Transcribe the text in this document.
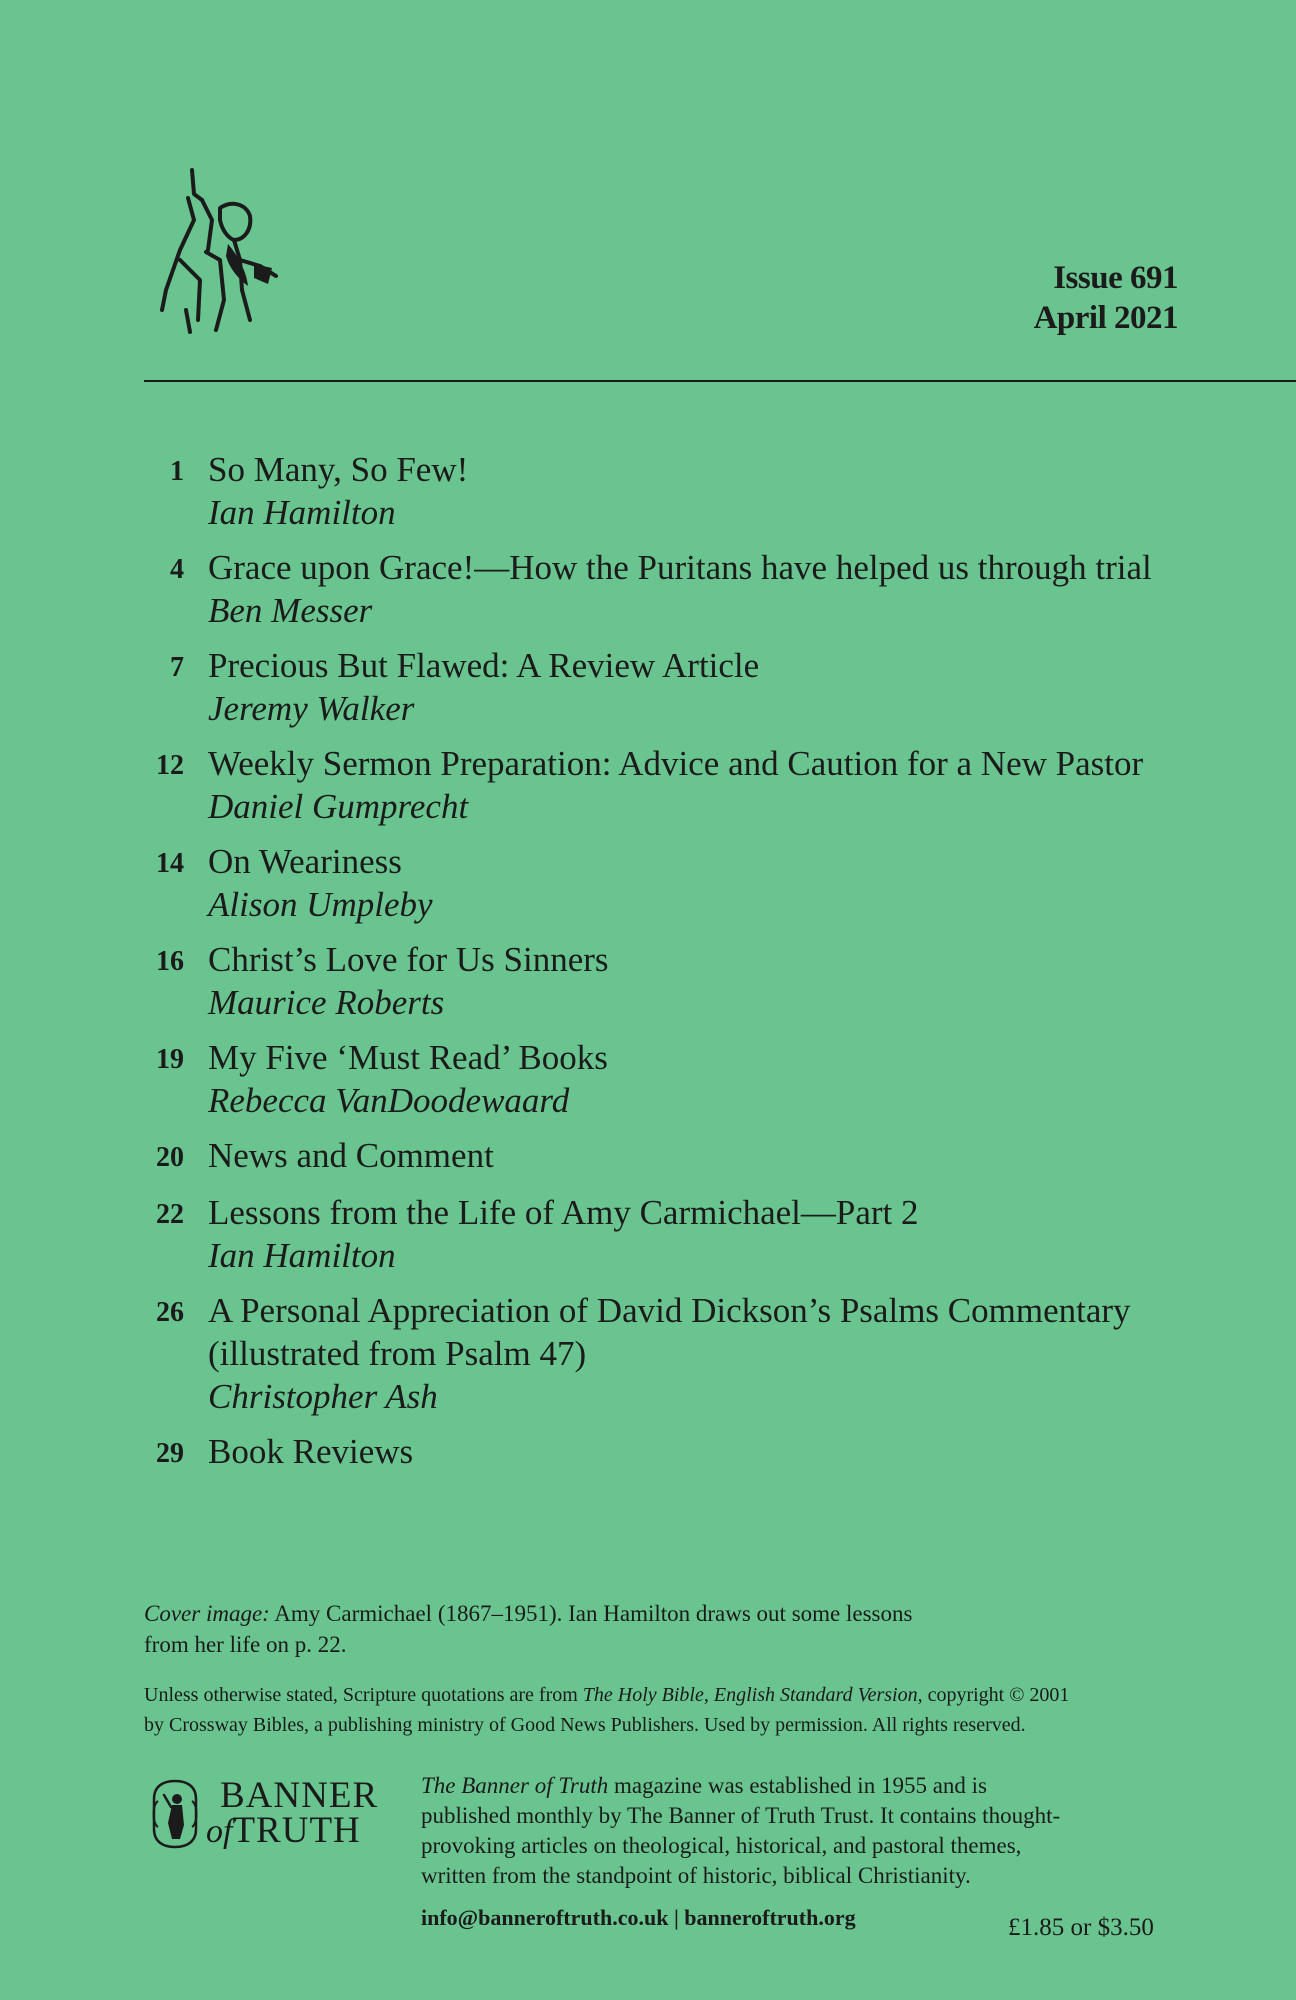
Issue 691
April 2021
1 So Many, So Few!
Ian Hamilton
4 Grace upon Grace!—How the Puritans have helped us through trial
Ben Messer
7 Precious But Flawed: A Review Article
Jeremy Walker
12 Weekly Sermon Preparation: Advice and Caution for a New Pastor
Daniel Gumprecht
14 On Weariness
Alison Umpleby
16 Christ’s Love for Us Sinners
Maurice Roberts
19 My Five ‘Must Read’ Books
Rebecca VanDoodewaard
20 News and Comment
22 Lessons from the Life of Amy Carmichael—Part 2
Ian Hamilton
26 A Personal Appreciation of David Dickson’s Psalms Commentary
(illustrated from Psalm 47)
Christopher Ash
29 Book Reviews
Cover image: Amy Carmichael (1867–1951). Ian Hamilton draws out some lessons
from her life on p. 22.
Unless otherwise stated, Scripture quotations are from The Holy Bible, English Standard Version, copyright © 2001
by Crossway Bibles, a publishing ministry of Good News Publishers. Used by permission. All rights reserved.
BANNER
ofTRUTH
The Banner of Truth magazine was established in 1955 and is
published monthly by The Banner of Truth Trust. It contains thought-
provoking articles on theological, historical, and pastoral themes,
written from the standpoint of historic, biblical Christianity.
info@banneroftruth.co.uk | banneroftruth.org	£1.85 or $3.50
